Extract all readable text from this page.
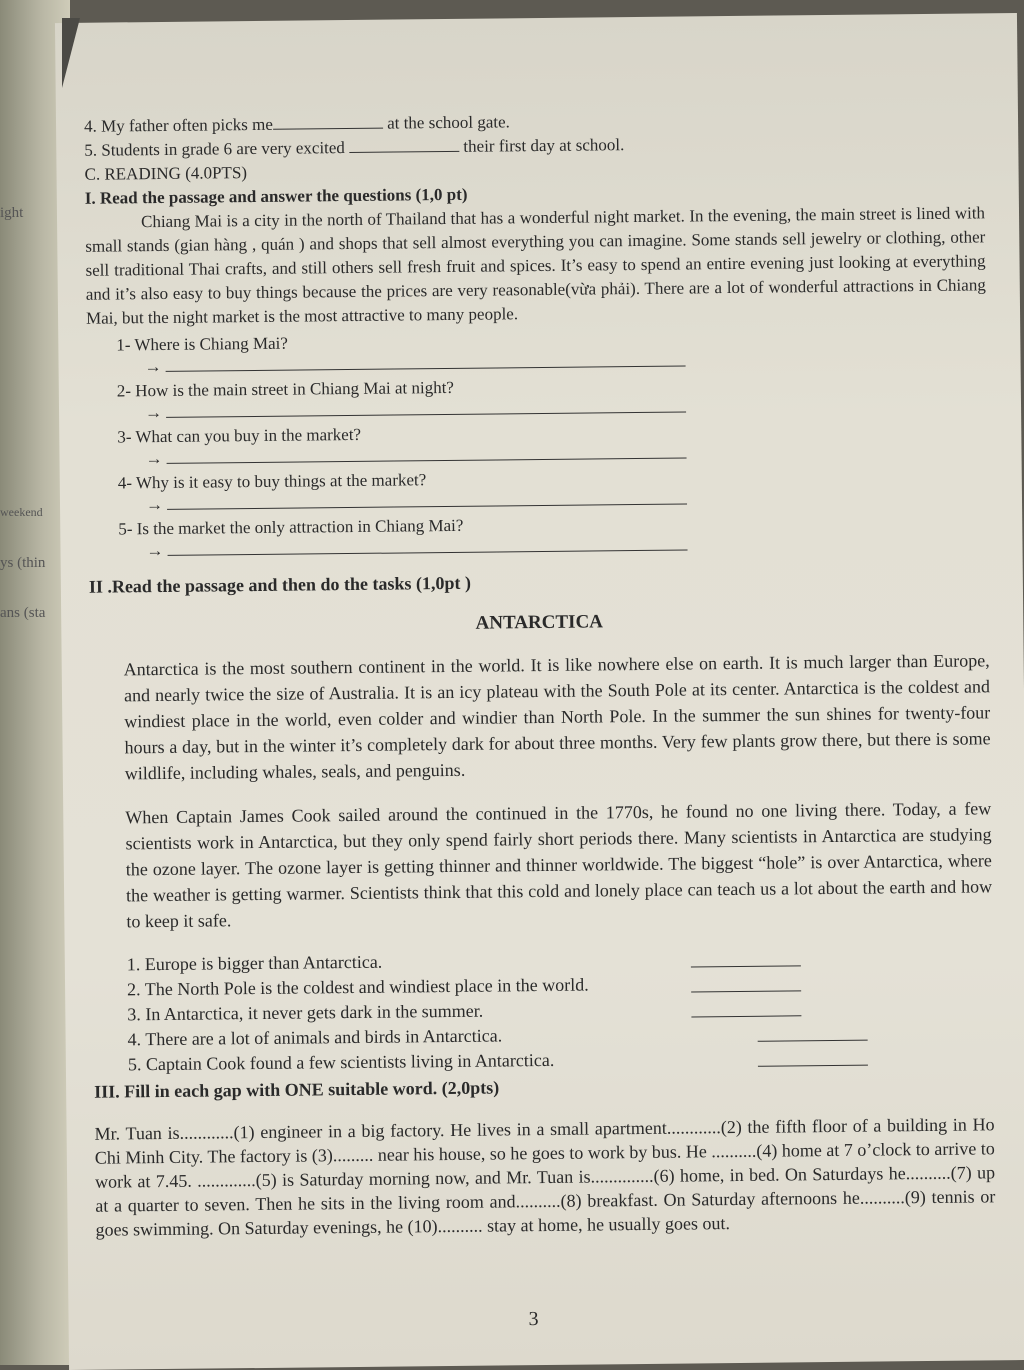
ight
weekend
ys (thin
ans (sta

4. My father often picks me	at the school gate.

5. Students in grade 6 are very excited	their first day at school.

C. READING (4.0PTS)

I. Read the passage and answer the questions (1,0 pt)

Chiang Mai is a city in the north of Thailand that has a wonderful night market. In the evening, the main street is lined with small stands (gian hàng , quán ) and shops that sell almost everything you can imagine. Some stands sell jewelry or clothing, other sell traditional Thai crafts, and still others sell fresh fruit and spices. It’s easy to spend an entire evening just looking at everything and it’s also easy to buy things because the prices are very reasonable(vừa phải). There are a lot of wonderful attractions in Chiang Mai, but the night market is the most attractive to many people.

1- Where is Chiang Mai?
→
2- How is the main street in Chiang Mai at night?
→
3- What can you buy in the market?
→
4- Why is it easy to buy things at the market?
→
5- Is the market the only attraction in Chiang Mai?
→

II .Read the passage and then do the tasks (1,0pt )

ANTARCTICA

Antarctica is the most southern continent in the world. It is like nowhere else on earth. It is much larger than Europe, and nearly twice the size of Australia. It is an icy plateau with the South Pole at its center. Antarctica is the coldest and windiest place in the world, even colder and windier than North Pole. In the summer the sun shines for twenty-four hours a day, but in the winter it’s completely dark for about three months. Very few plants grow there, but there is some wildlife, including whales, seals, and penguins.

When Captain James Cook sailed around the continued in the 1770s, he found no one living there. Today, a few scientists work in Antarctica, but they only spend fairly short periods there. Many scientists in Antarctica are studying the ozone layer. The ozone layer is getting thinner and thinner worldwide. The biggest “hole” is over Antarctica, where the weather is getting warmer. Scientists think that this cold and lonely place can teach us a lot about the earth and how to keep it safe.

1. Europe is bigger than Antarctica.
2. The North Pole is the coldest and windiest place in the world.
3. In Antarctica, it never gets dark in the summer.
4. There are a lot of animals and birds in Antarctica.
5. Captain Cook found a few scientists living in Antarctica.

III. Fill in each gap with ONE suitable word. (2,0pts)

Mr. Tuan is............(1) engineer in a big factory. He lives in a small apartment............(2) the fifth floor of a building in Ho Chi Minh City. The factory is (3)......... near his house, so he goes to work by bus. He ..........(4) home at 7 o’clock to arrive to work at 7.45. .............(5) is Saturday morning now, and Mr. Tuan is..............(6) home, in bed. On Saturdays he..........(7) up at a quarter to seven. Then he sits in the living room and..........(8) breakfast. On Saturday afternoons he..........(9) tennis or goes swimming. On Saturday evenings, he (10).......... stay at home, he usually goes out.

3
